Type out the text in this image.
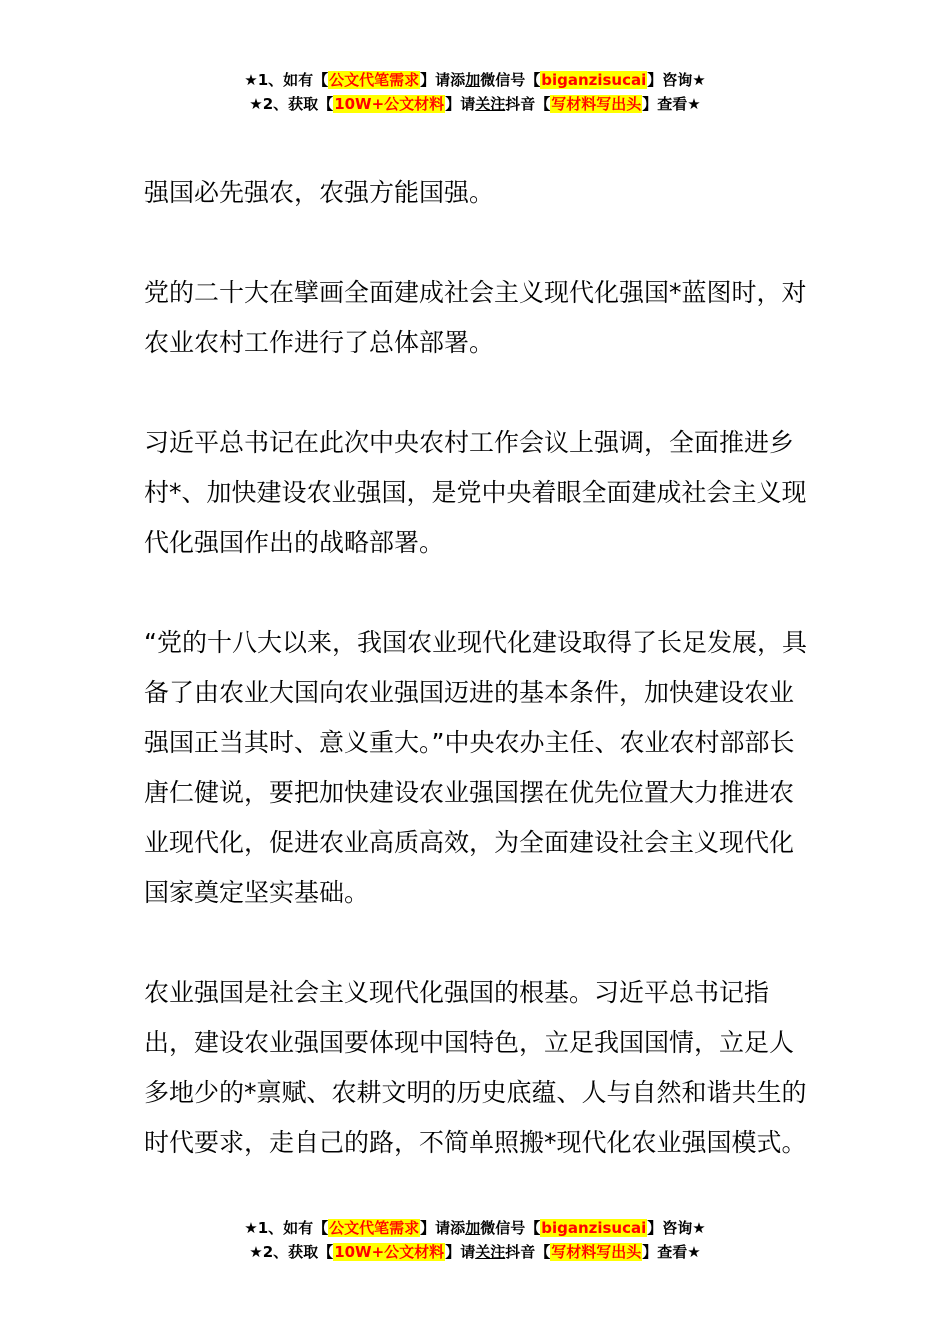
★1、如有【公文代笔需求】请添加微信号【biganzisucai】咨询★
★2、获取【10W+公文材料】请关注抖音【写材料写出头】查看★

强国必先强农，农强方能国强。

党的二十大在擘画全面建成社会主义现代化强国*蓝图时，对农业农村工作进行了总体部署。

习近平总书记在此次中央农村工作会议上强调，全面推进乡村*、加快建设农业强国，是党中央着眼全面建成社会主义现代化强国作出的战略部署。

“党的十八大以来，我国农业现代化建设取得了长足发展，具备了由农业大国向农业强国迈进的基本条件，加快建设农业强国正当其时、意义重大。”中央农办主任、农业农村部部长唐仁健说，要把加快建设农业强国摆在优先位置大力推进农业现代化，促进农业高质高效，为全面建设社会主义现代化国家奠定坚实基础。

农业强国是社会主义现代化强国的根基。习近平总书记指出，建设农业强国要体现中国特色，立足我国国情，立足人多地少的*禀赋、农耕文明的历史底蕴、人与自然和谐共生的时代要求，走自己的路，不简单照搬*现代化农业强国模式。

★1、如有【公文代笔需求】请添加微信号【biganzisucai】咨询★
★2、获取【10W+公文材料】请关注抖音【写材料写出头】查看★
